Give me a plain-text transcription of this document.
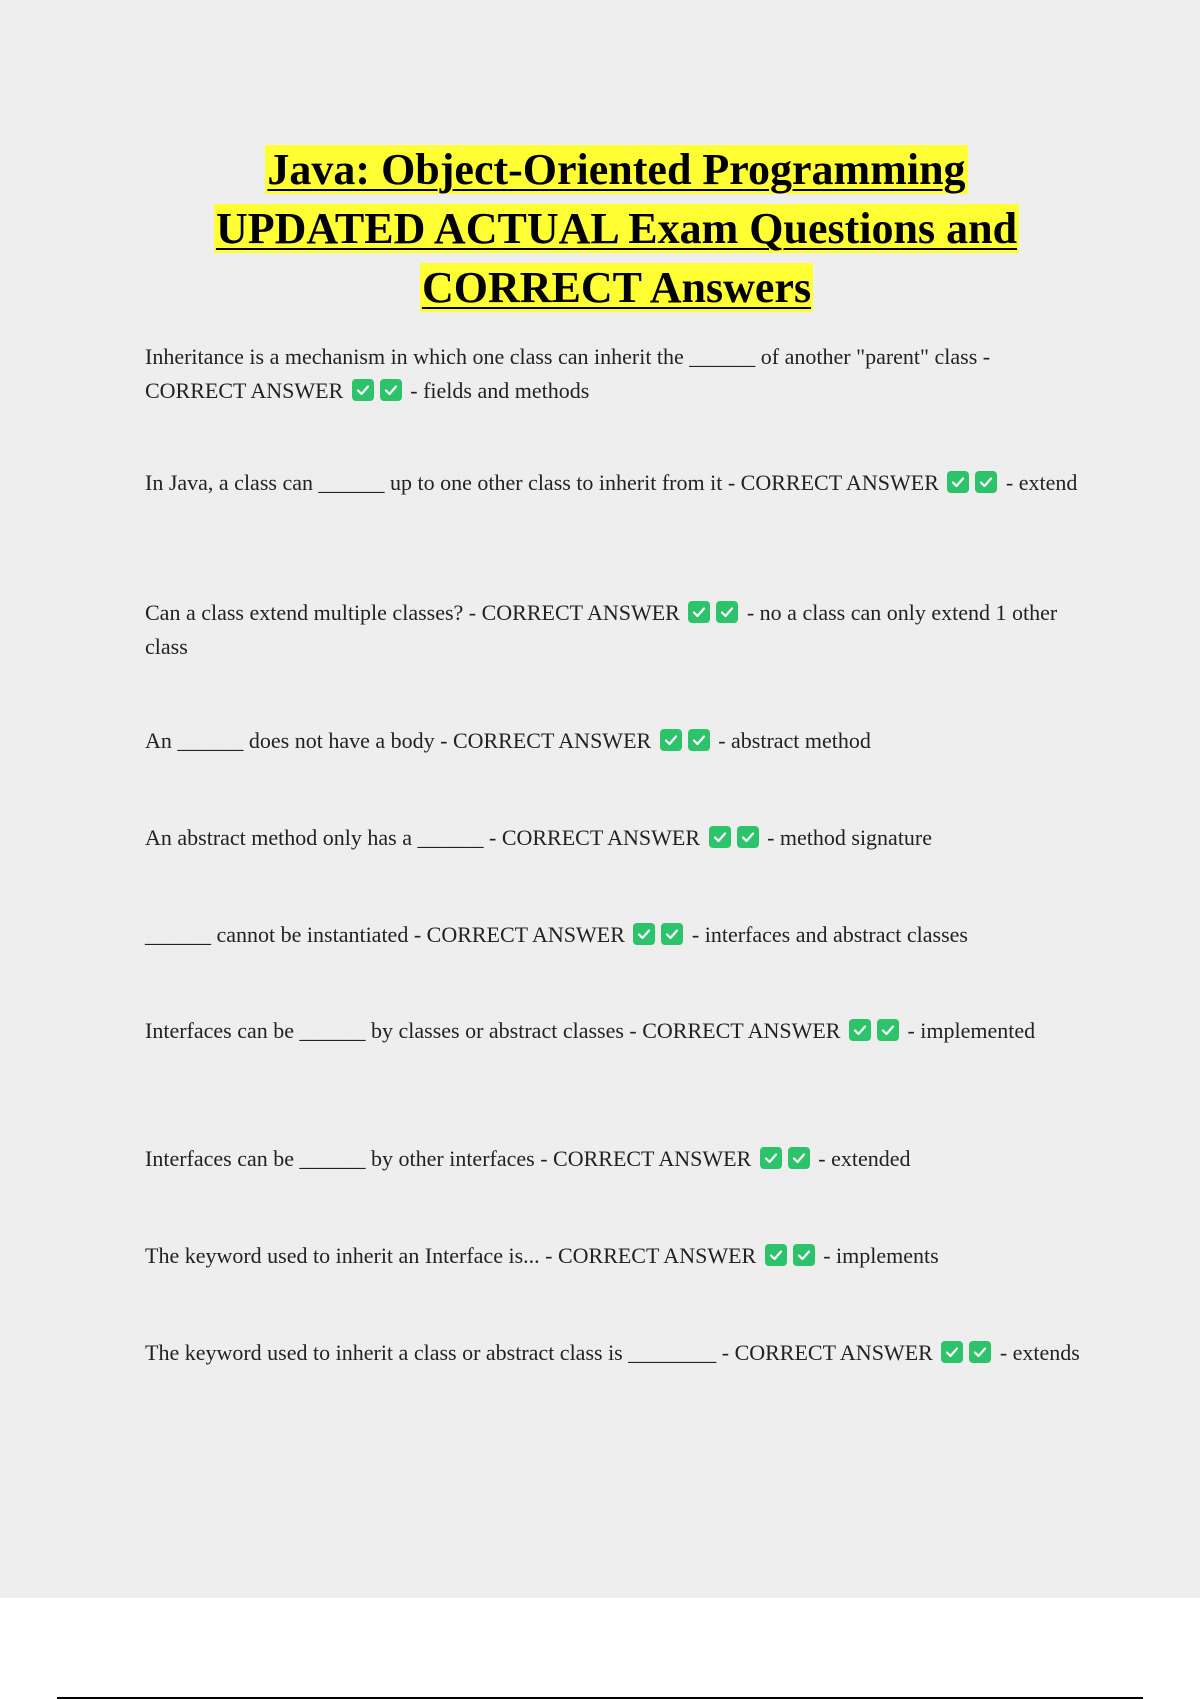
Java: Object-Oriented Programming
UPDATED ACTUAL Exam Questions and
CORRECT Answers
Inheritance is a mechanism in which one class can inherit the ______ of another "parent" class - CORRECT ANSWER	- fields and methods
In Java, a class can ______ up to one other class to inherit from it - CORRECT ANSWER	- extend
Can a class extend multiple classes? - CORRECT ANSWER	- no a class can only extend 1 other class
An ______ does not have a body - CORRECT ANSWER	- abstract method
An abstract method only has a ______ - CORRECT ANSWER	- method signature
______ cannot be instantiated - CORRECT ANSWER	- interfaces and abstract classes
Interfaces can be ______ by classes or abstract classes - CORRECT ANSWER	- implemented
Interfaces can be ______ by other interfaces - CORRECT ANSWER	- extended
The keyword used to inherit an Interface is... - CORRECT ANSWER	- implements
The keyword used to inherit a class or abstract class is ________ - CORRECT ANSWER	- extends
